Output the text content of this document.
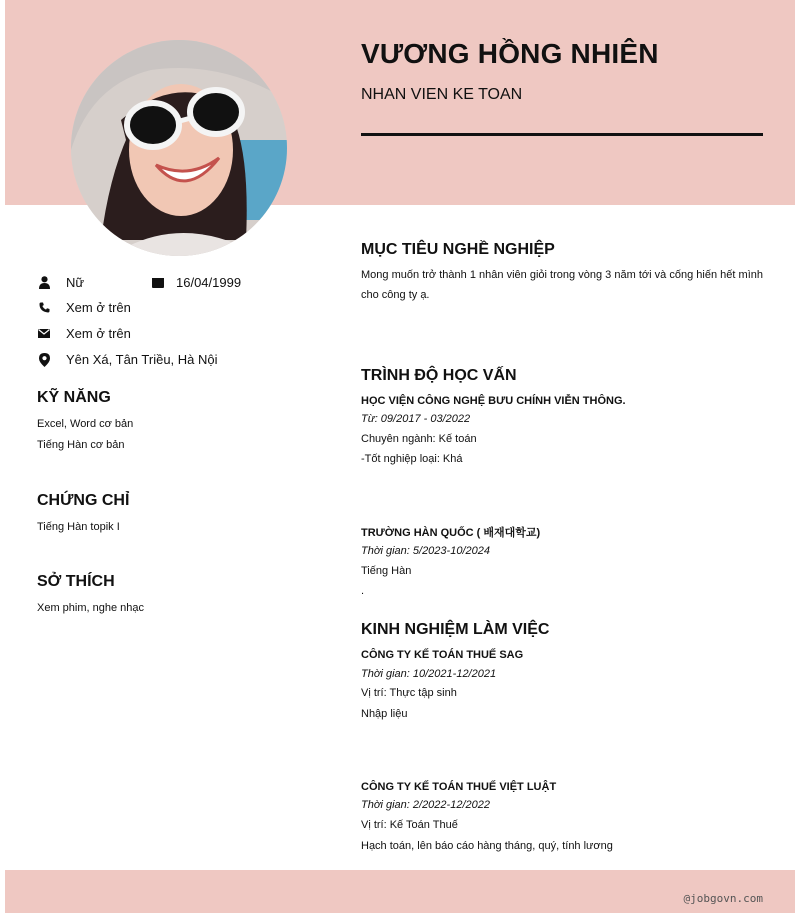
VƯƠNG HỒNG NHIÊN
NHAN VIEN KE TOAN
Nữ	16/04/1999
Xem ở trên
Xem ở trên
Yên Xá, Tân Triều, Hà Nội
KỸ NĂNG
Excel, Word cơ bản
Tiếng Hàn cơ bản
CHỨNG CHỈ
Tiếng Hàn topik I
SỞ THÍCH
Xem phim, nghe nhạc
MỤC TIÊU NGHỀ NGHIỆP
Mong muốn trở thành 1 nhân viên giỏi trong vòng 3 năm tới và cống hiến hết mình cho công ty ạ.
TRÌNH ĐỘ HỌC VẤN
HỌC VIỆN CÔNG NGHỆ BƯU CHÍNH VIỄN THÔNG.
Từ: 09/2017 - 03/2022
Chuyên ngành: Kế toán
-Tốt nghiệp loại: Khá
TRƯỜNG HÀN QUỐC ( 배재대학교)
Thời gian: 5/2023-10/2024
Tiếng Hàn
.
KINH NGHIỆM LÀM VIỆC
CÔNG TY KẾ TOÁN THUẾ SAG
Thời gian: 10/2021-12/2021
Vị trí: Thực tập sinh
Nhập liệu
CÔNG TY KẾ TOÁN THUẾ VIỆT LUẬT
Thời gian: 2/2022-12/2022
Vị trí: Kế Toán Thuế
Hạch toán, lên báo cáo hàng tháng, quý, tính lương
@jobgovn.com
